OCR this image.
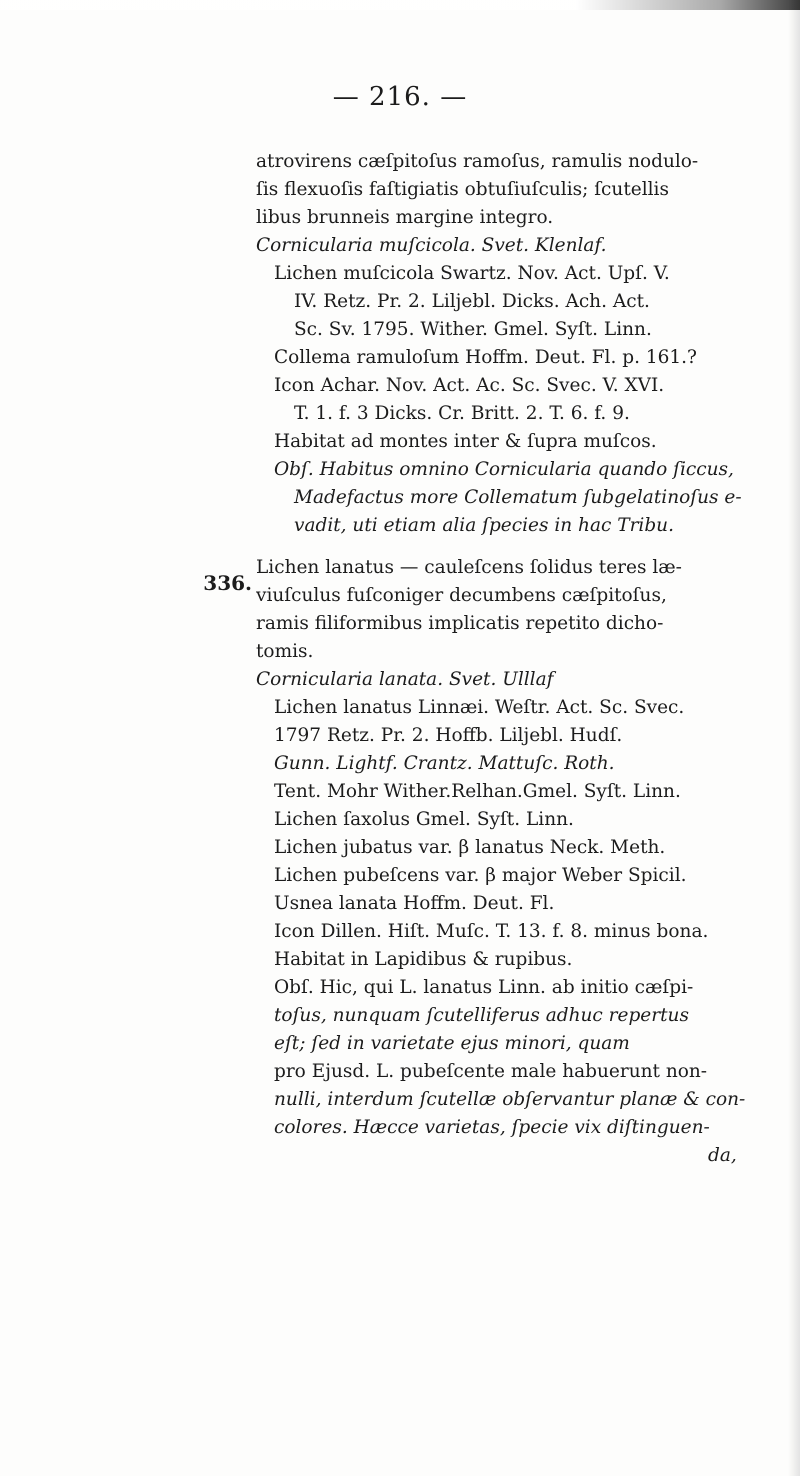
— 216. —
336.
atrovirens cæſpitoſus ramoſus, ramulis nodulo-
ſis flexuoſis faſtigiatis obtuſiuſculis; ſcutellis
libus brunneis margine integro.
Cornicularia muſcicola. Svet. Klenlaf.
Lichen muſcicola Swartz. Nov. Act. Upſ. V.
IV. Retz. Pr. 2. Liljebl. Dicks. Ach. Act.
Sc. Sv. 1795. Wither. Gmel. Syſt. Linn.
Collema ramuloſum Hoffm. Deut. Fl. p. 161.?
Icon Achar. Nov. Act. Ac. Sc. Svec. V. XVI.
T. 1. f. 3 Dicks. Cr. Britt. 2. T. 6. f. 9.
Habitat ad montes inter & ſupra muſcos.
Obſ. Habitus omnino Cornicularia quando ſiccus,
Madefactus more Collematum ſubgelatinoſus e-
vadit, uti etiam alia ſpecies in hac Tribu.
Lichen lanatus — cauleſcens ſolidus teres læ-
viuſculus fuſconiger decumbens cæſpitoſus,
ramis filiformibus implicatis repetito dicho-
tomis.
Cornicularia lanata. Svet. Ulllaf
Lichen lanatus Linnæi. Weſtr. Act. Sc. Svec.
1797 Retz. Pr. 2. Hoffb. Liljebl. Hudſ.
Gunn. Lightf. Crantz. Mattuſc. Roth.
Tent. Mohr Wither.Relhan.Gmel. Syſt. Linn.
Lichen ſaxolus Gmel. Syſt. Linn.
Lichen jubatus var. β lanatus Neck. Meth.
Lichen pubeſcens var. β major Weber Spicil.
Usnea lanata Hoffm. Deut. Fl.
Icon Dillen. Hiſt. Muſc. T. 13. f. 8. minus bona.
Habitat in Lapidibus & rupibus.
Obſ. Hic, qui L. lanatus Linn. ab initio cæſpi-
toſus, nunquam ſcutelliferus adhuc repertus
eſt; ſed in varietate ejus minori, quam
pro Ejusd. L. pubeſcente male habuerunt non-
nulli, interdum ſcutellæ obſervantur planæ & con-
colores. Hæcce varietas, ſpecie vix diſtinguen-
da,
